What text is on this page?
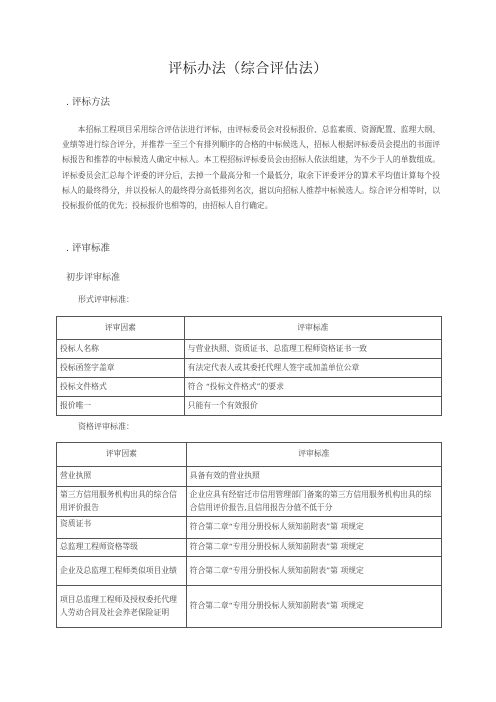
评标办法（综合评估法）
. 评标方法
本招标工程项目采用综合评估法进行评标，由评标委员会对投标报价、总监素质、资源配置、监理大纲、业绩等进行综合评分，并推荐一至三个有排列顺序的合格的中标候选人，招标人根据评标委员会提出的书面评标报告和推荐的中标候选人确定中标人。本工程招标评标委员会由招标人依法组建，为不少于人的单数组成。评标委员会汇总每个评委的评分后，去掉一个最高分和一个最低分，取余下评委评分的算术平均值计算每个投标人的最终得分，并以投标人的最终得分高低排列名次，据以向招标人推荐中标候选人。综合评分相等时，以投标报价低的优先；投标报价也相等的，由招标人自行确定。
. 评审标准
初步评审标准
形式评审标准：
评审因素	评审标准
投标人名称	与营业执照、资质证书、总监理工程师资格证书一致
投标函签字盖章	有法定代表人或其委托代理人签字或加盖单位公章
投标文件格式	符合 “投标文件格式”的要求
报价唯一	只能有一个有效报价
资格评审标准：
评审因素	评审标准
营业执照	具备有效的营业执照
第三方信用服务机构出具的综合信用评价报告	企业应具有经宿迁市信用管理部门备案的第三方信用服务机构出具的综合信用评价报告,且信用报告分值不低于分
资质证书	符合第二章“专用分册投标人须知前附表”第 项规定
总监理工程师资格等级	符合第二章“专用分册投标人须知前附表”第 项规定
企业及总监理工程师类似项目业绩	符合第二章“专用分册投标人须知前附表”第 项规定
项目总监理工程师及授权委托代理人劳动合同及社会养老保险证明	符合第二章“专用分册投标人须知前附表”第 项规定
